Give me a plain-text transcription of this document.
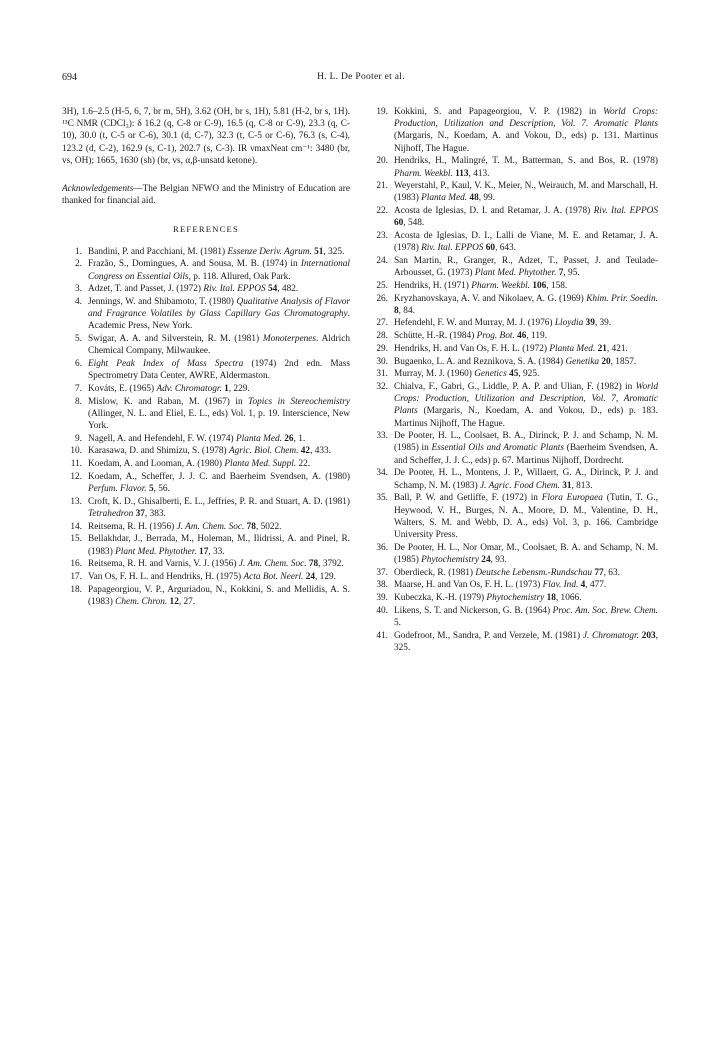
694	H. L. De Pooter et al.

3H), 1.6–2.5 (H-5, 6, 7, br m, 5H), 3.62 (OH, br s, 1H), 5.81 (H-2, br s, 1H). ¹³C NMR (CDCl₃): δ 16.2 (q, C-8 or C-9), 16.5 (q, C-8 or C-9), 23.3 (q, C-10), 30.0 (t, C-5 or C-6), 30.1 (d, C-7), 32.3 (t, C-5 or C-6), 76.3 (s, C-4), 123.2 (d, C-2), 162.9 (s, C-1), 202.7 (s, C-3). IR νmaxNeat cm⁻¹: 3480 (br, vs, OH); 1665, 1630 (sh) (br, vs, α,β-unsatd ketone).

Acknowledgements—The Belgian NFWO and the Ministry of Education are thanked for financial aid.

REFERENCES
1. Bandini, P. and Pacchiani, M. (1981) Essenze Deriv. Agrum. 51, 325.
2. Frazão, S., Domingues, A. and Sousa, M. B. (1974) in International Congress on Essential Oils, p. 118. Allured, Oak Park.
3. Adzet, T. and Passet, J. (1972) Riv. Ital. EPPOS 54, 482.
4. Jennings, W. and Shibamoto, T. (1980) Qualitative Analysis of Flavor and Fragrance Volatiles by Glass Capillary Gas Chromatography. Academic Press, New York.
5. Swigar, A. A. and Silverstein, R. M. (1981) Monoterpenes. Aldrich Chemical Company, Milwaukee.
6. Eight Peak Index of Mass Spectra (1974) 2nd edn. Mass Spectrometry Data Center, AWRE, Aldermaston.
7. Kováts, E. (1965) Adv. Chromatogr. 1, 229.
8. Mislow, K. and Raban, M. (1967) in Topics in Stereochemistry (Allinger, N. L. and Eliel, E. L., eds) Vol. 1, p. 19. Interscience, New York.
9. Nagell, A. and Hefendehl, F. W. (1974) Planta Med. 26, 1.
10. Karasawa, D. and Shimizu, S. (1978) Agric. Biol. Chem. 42, 433.
11. Koedam, A. and Looman, A. (1980) Planta Med. Suppl. 22.
12. Koedam, A., Scheffer, J. J. C. and Baerheim Svendsen, A. (1980) Perfum. Flavor. 5, 56.
13. Croft, K. D., Ghisalberti, E. L., Jeffries, P. R. and Stuart, A. D. (1981) Tetrahedron 37, 383.
14. Reitsema, R. H. (1956) J. Am. Chem. Soc. 78, 5022.
15. Bellakhdar, J., Berrada, M., Holeman, M., Ilidrissi, A. and Pinel, R. (1983) Plant Med. Phytother. 17, 33.
16. Reitsema, R. H. and Varnis, V. J. (1956) J. Am. Chem. Soc. 78, 3792.
17. Van Os, F. H. L. and Hendriks, H. (1975) Acta Bot. Neerl. 24, 129.
18. Papageorgiou, V. P., Arguriadou, N., Kokkini, S. and Mellidis, A. S. (1983) Chem. Chron. 12, 27.
19. Kokkini, S. and Papageorgiou, V. P. (1982) in World Crops: Production, Utilization and Description, Vol. 7. Aromatic Plants (Margaris, N., Koedam, A. and Vokou, D., eds) p. 131. Martinus Nijhoff, The Hague.
20. Hendriks, H., Malingré, T. M., Batterman, S. and Bos, R. (1978) Pharm. Weekbl. 113, 413.
21. Weyerstahl, P., Kaul, V. K., Meier, N., Weirauch, M. and Marschall, H. (1983) Planta Med. 48, 99.
22. Acosta de Iglesias, D. I. and Retamar, J. A. (1978) Riv. Ital. EPPOS 60, 548.
23. Acosta de Iglesias, D. I., Lalli de Viane, M. E. and Retamar, J. A. (1978) Riv. Ital. EPPOS 60, 643.
24. San Martin, R., Granger, R., Adzet, T., Passet, J. and Teulade-Arbousset, G. (1973) Plant Med. Phytother. 7, 95.
25. Hendriks, H. (1971) Pharm. Weekbl. 106, 158.
26. Kryzhanovskaya, A. V. and Nikolaev, A. G. (1969) Khim. Prir. Soedin. 8, 84.
27. Hefendehl, F. W. and Murray, M. J. (1976) Lloydia 39, 39.
28. Schütte, H.-R. (1984) Prog. Bot. 46, 119.
29. Hendriks, H. and Van Os, F. H. L. (1972) Planta Med. 21, 421.
30. Bugaenko, L. A. and Reznikova, S. A. (1984) Genetika 20, 1857.
31. Murray, M. J. (1960) Genetics 45, 925.
32. Chialva, F., Gabri, G., Liddle, P. A. P. and Ulian, F. (1982) in World Crops: Production, Utilization and Description, Vol. 7, Aromatic Plants (Margaris, N., Koedam, A. and Vokou, D., eds) p. 183. Martinus Nijhoff, The Hague.
33. De Pooter, H. L., Coolsaet, B. A., Dirinck, P. J. and Schamp, N. M. (1985) in Essential Oils and Aromatic Plants (Baerheim Svendsen, A. and Scheffer, J. J. C., eds) p. 67. Martinus Nijhoff, Dordrecht.
34. De Pooter, H. L., Montens, J. P., Willaert, G. A., Dirinck, P. J. and Schamp, N. M. (1983) J. Agric. Food Chem. 31, 813.
35. Ball, P. W. and Getliffe, F. (1972) in Flora Europaea (Tutin, T. G., Heywood, V. H., Burges, N. A., Moore, D. M., Valentine, D. H., Walters, S. M. and Webb, D. A., eds) Vol. 3, p. 166. Cambridge University Press.
36. De Pooter, H. L., Nor Omar, M., Coolsaet, B. A. and Schamp, N. M. (1985) Phytochemistry 24, 93.
37. Oberdieck, R. (1981) Deutsche Lebensm.-Rundschau 77, 63.
38. Maarse, H. and Van Os, F. H. L. (1973) Flav. Ind. 4, 477.
39. Kubeczka, K.-H. (1979) Phytochemistry 18, 1066.
40. Likens, S. T. and Nickerson, G. B. (1964) Proc. Am. Soc. Brew. Chem. 5.
41. Godefroot, M., Sandra, P. and Verzele, M. (1981) J. Chromatogr. 203, 325.
